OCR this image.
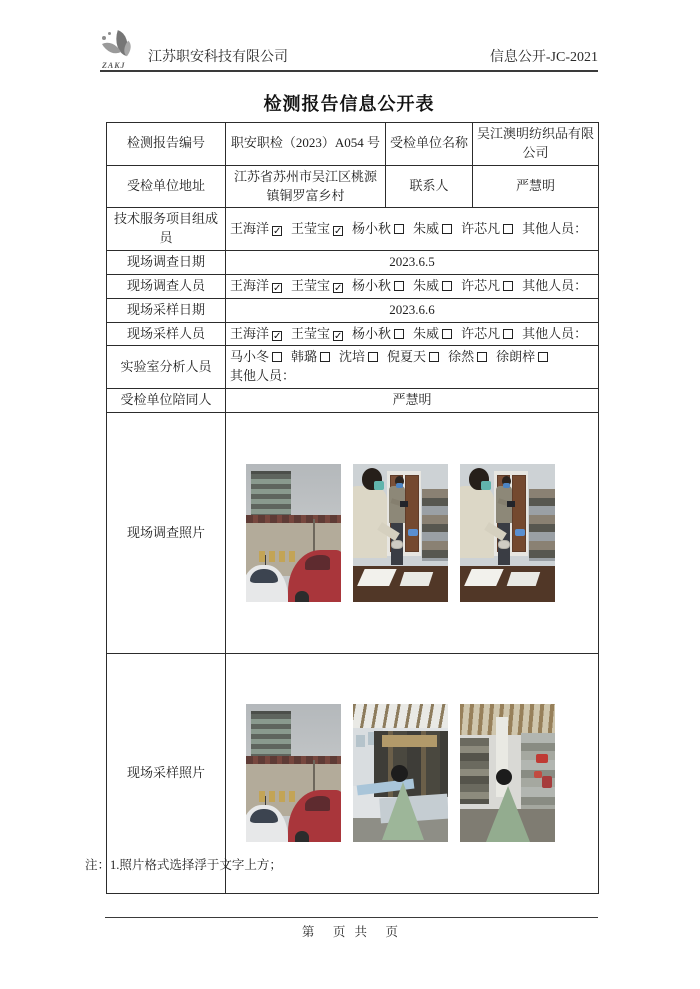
ZAKJ
江苏职安科技有限公司	信息公开-JC-2021
检测报告信息公开表
检测报告编号	职安职检（2023）A054 号	受检单位名称	吴江澳明纺织品有限公司
受检单位地址	江苏省苏州市吴江区桃源镇铜罗富乡村	联系人	严慧明
技术服务项目组成员	王海洋 ✓ 王莹宝 ✓ 杨小秋 朱威 许芯凡 其他人员：		
现场调查日期	2023.6.5		
现场调查人员	王海洋 ✓ 王莹宝 ✓ 杨小秋 朱威 许芯凡 其他人员：		
现场采样日期	2023.6.6		
现场采样人员	王海洋 ✓ 王莹宝 ✓ 杨小秋 朱威 许芯凡 其他人员：		
实验室分析人员	马小冬 韩璐 沈培 倪夏天 徐然 徐朗梓
其他人员：		

受检单位陪同人	严慧明		
现场调查照片			

现场采样照片			
注：1.照片格式选择浮于文字上方；
第　页 共　页
